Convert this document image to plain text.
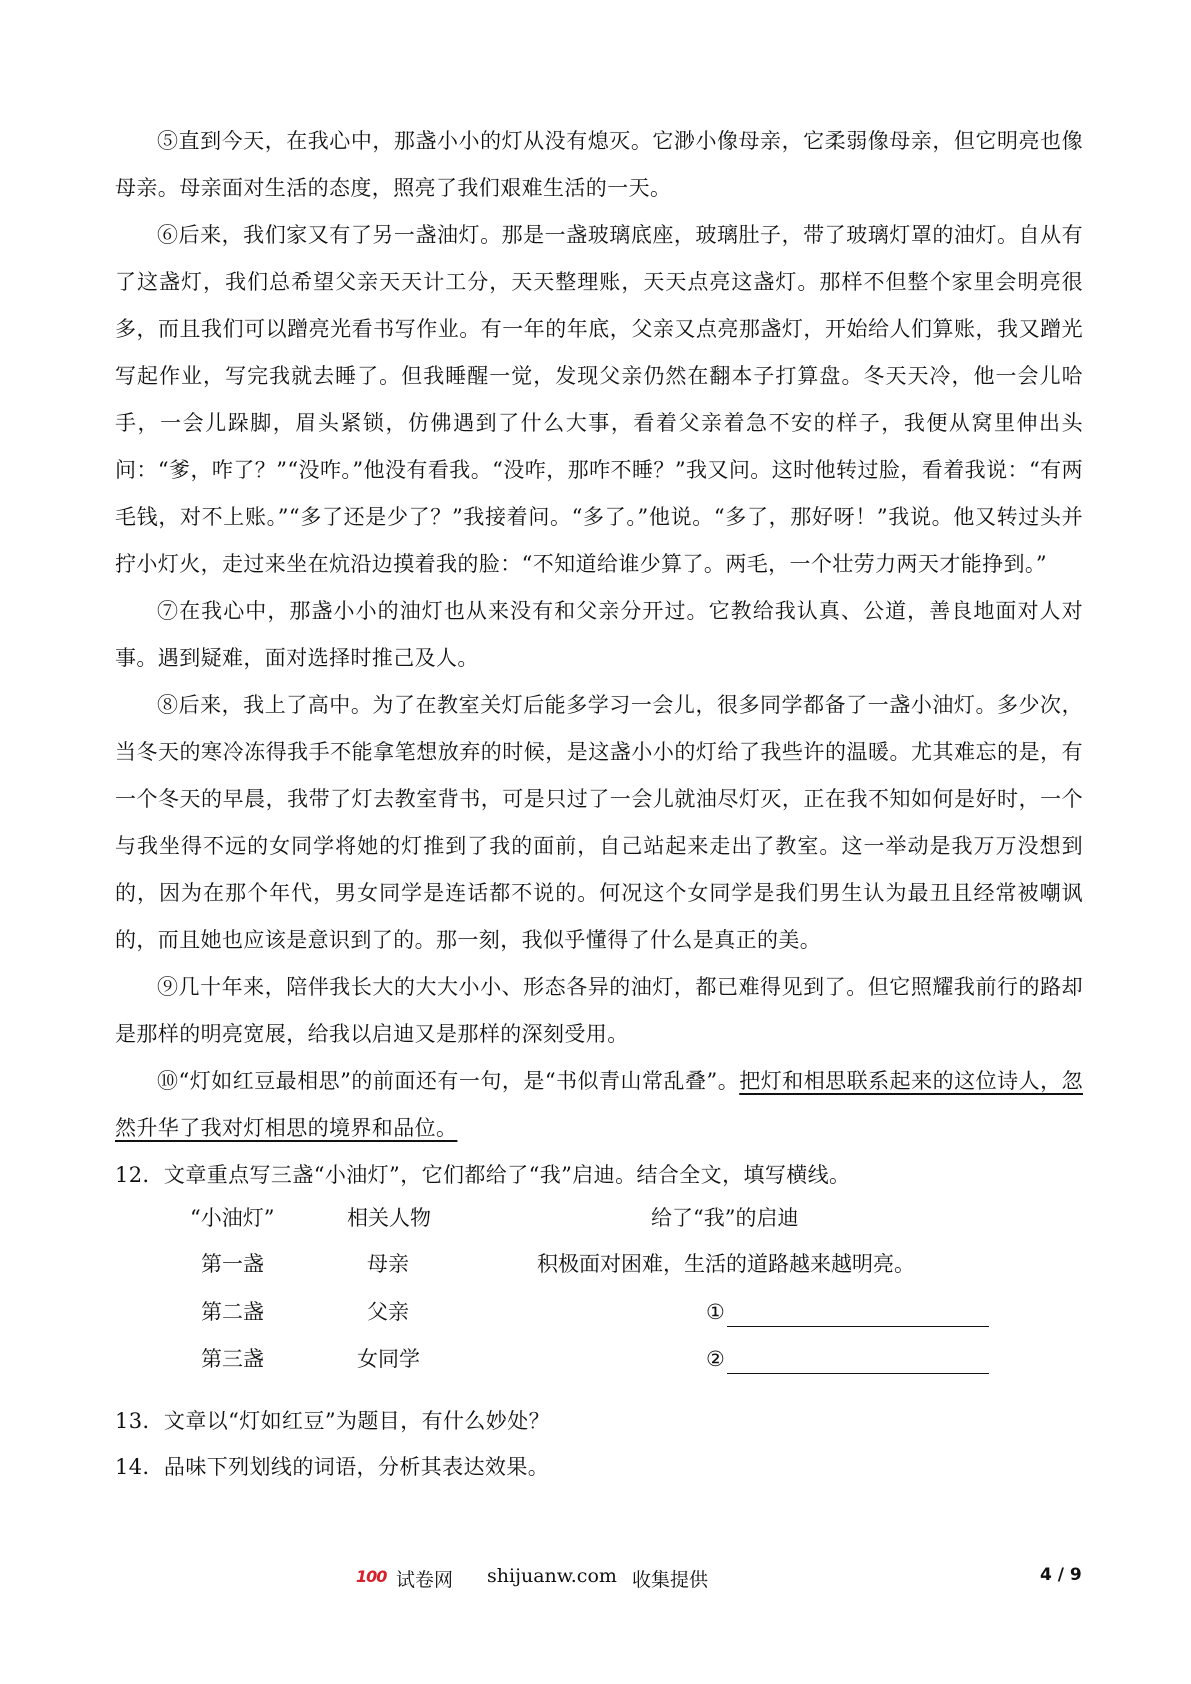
⑤直到今天，在我心中，那盏小小的灯从没有熄灭。它渺小像母亲，它柔弱像母亲，但它明亮也像母亲。母亲面对生活的态度，照亮了我们艰难生活的一天。

⑥后来，我们家又有了另一盏油灯。那是一盏玻璃底座，玻璃肚子，带了玻璃灯罩的油灯。自从有了这盏灯，我们总希望父亲天天计工分，天天整理账，天天点亮这盏灯。那样不但整个家里会明亮很多，而且我们可以蹭亮光看书写作业。有一年的年底，父亲又点亮那盏灯，开始给人们算账，我又蹭光写起作业，写完我就去睡了。但我睡醒一觉，发现父亲仍然在翻本子打算盘。冬天天冷，他一会儿哈手，一会儿跺脚，眉头紧锁，仿佛遇到了什么大事，看着父亲着急不安的样子，我便从窝里伸出头问：“爹，咋了？”“没咋。”他没有看我。“没咋，那咋不睡？”我又问。这时他转过脸，看着我说：“有两毛钱，对不上账。”“多了还是少了？”我接着问。“多了。”他说。“多了，那好呀！”我说。他又转过头并拧小灯火，走过来坐在炕沿边摸着我的脸：“不知道给谁少算了。两毛，一个壮劳力两天才能挣到。”

⑦在我心中，那盏小小的油灯也从来没有和父亲分开过。它教给我认真、公道，善良地面对人对事。遇到疑难，面对选择时推己及人。

⑧后来，我上了高中。为了在教室关灯后能多学习一会儿，很多同学都备了一盏小油灯。多少次，当冬天的寒冷冻得我手不能拿笔想放弃的时候，是这盏小小的灯给了我些许的温暖。尤其难忘的是，有一个冬天的早晨，我带了灯去教室背书，可是只过了一会儿就油尽灯灭，正在我不知如何是好时，一个与我坐得不远的女同学将她的灯推到了我的面前，自己站起来走出了教室。这一举动是我万万没想到的，因为在那个年代，男女同学是连话都不说的。何况这个女同学是我们男生认为最丑且经常被嘲讽的，而且她也应该是意识到了的。那一刻，我似乎懂得了什么是真正的美。

⑨几十年来，陪伴我长大的大大小小、形态各异的油灯，都已难得见到了。但它照耀我前行的路却是那样的明亮宽展，给我以启迪又是那样的深刻受用。

⑩“灯如红豆最相思”的前面还有一句，是“书似青山常乱叠”。把灯和相思联系起来的这位诗人，忽然升华了我对灯相思的境界和品位。

12．文章重点写三盏“小油灯”，它们都给了“我”启迪。结合全文，填写横线。

“小油灯”	相关人物	给了“我”的启迪
第一盏	母亲	积极面对困难，生活的道路越来越明亮。
第二盏	父亲	①
第三盏	女同学	②

13．文章以“灯如红豆”为题目，有什么妙处？

14．品味下列划线的词语，分析其表达效果。

100 试卷网 shijuanw.com 收集提供	4 / 9
